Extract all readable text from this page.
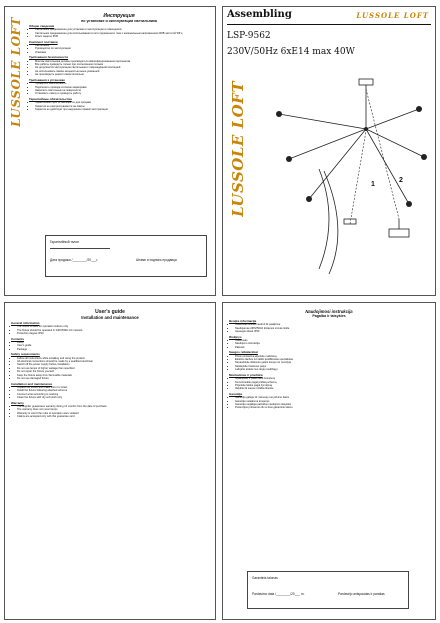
LUSSOLE LOFT
Инструкция
по установке и эксплуатации светильника
Общие сведения
• Светильник предназначен для установки и эксплуатации в помещениях
• Светильник предназначен для использования в сети переменного тока с номинальным напряжением 230В частотой 50Гц
• Класс защиты IP20
Комплект поставки
• Светильник
• Руководство по эксплуатации
• Упаковка
Требования безопасности
• Монтаж светильника должен производиться квалифицированным персоналом
• Все работы проводить только при отключённом питании
• Не допускается эксплуатация светильника с повреждённой изоляцией
• Не использовать лампы мощностью выше указанной
• Не производить ремонт самостоятельно
Требования к установке
• Проверить комплектность
• Подключить провода согласно маркировке
• Закрепить светильник на поверхности
• Установить лампу и проверить работу
Гарантийные обязательства
• Гарантийный срок 12 месяцев со дня продажи
• Гарантия не распространяется на лампы
• Гарантия не действует при нарушении правил эксплуатации
Гарантийный талон
Дата продажи /________/20___г.	Штамп и подпись продавца
Assembling	LUSSOLE LOFT
LSP-9562
230V/50Hz 6xE14 max 40W
LUSSOLE LOFT	1
2
User's guide
Installation and maintenance
General information
• The fixture is used for operation indoors only
• The fixture should be operated in 230V/50Hz AC network
• Protection degree IP20
Contents
• Lamp
• User's guide
• Package
Safety requirements
• Follow all instructions while installing and using the product
• All electrical connections should be made by a qualified electrician
• Switch off the power supply before installation
• Do not use lamps of higher wattage than specified
• Do not repair the fixture yourself
• Keep the fixture away from flammable materials
• Do not use damaged fixture
Installation and maintenance
• Unpack the fixture and make sure it is intact
• Install the fixture following attached scheme
• Connect wires according to marking
• Clean the fixture with dry soft cloth only
Warranty
• The supplier guarantees warranty during 12 months from the date of purchase
• The warranty does not cover lamps
• Warranty is void if the rules of operation were violated
• Claims are accepted only with this guarantee card
Naudojimosi instrukcija
Pagalba ir taisykles
Bendra informacija
• Šviestuvas skirtas naudoti tik patalpose
• Naudojamas 230V/50Hz kintamos srovės tinkle
• Apsaugos klasė IP20
Rinkinys
• Šviestuvas
• Naudojimo instrukcija
• Pakuotė
Saugos reikalavimai
• Prieš montavimą atjunkite maitinimą
• Elektros darbus turi atlikti kvalifikuotas specialistas
• Nenaudokite didesnės galios lempų nei nurodyta
• Netaisykite šviestuvo patys
• Laikykite atokiai nuo degių medžiagų
Montavimas ir priežiūra
• Išpakuokite ir patikrinkite šviestuvą
• Sumontuokite pagal pridėtą schemą
• Prijunkite laidus pagal žymėjimą
• Valykite tik sausa minkšta šluoste
Garantija
• Garantija galioja 12 mėnesių nuo pirkimo datos
• Garantija netaikoma lempoms
• Garantija negalioja pažeidus naudojimo taisykles
• Pretenzijos priimamos tik su šiuo garantiniu talonu
Garantinis talonas
Pardavimo data /________/20___ m.	Pardavėjo antspaudas ir parašas
